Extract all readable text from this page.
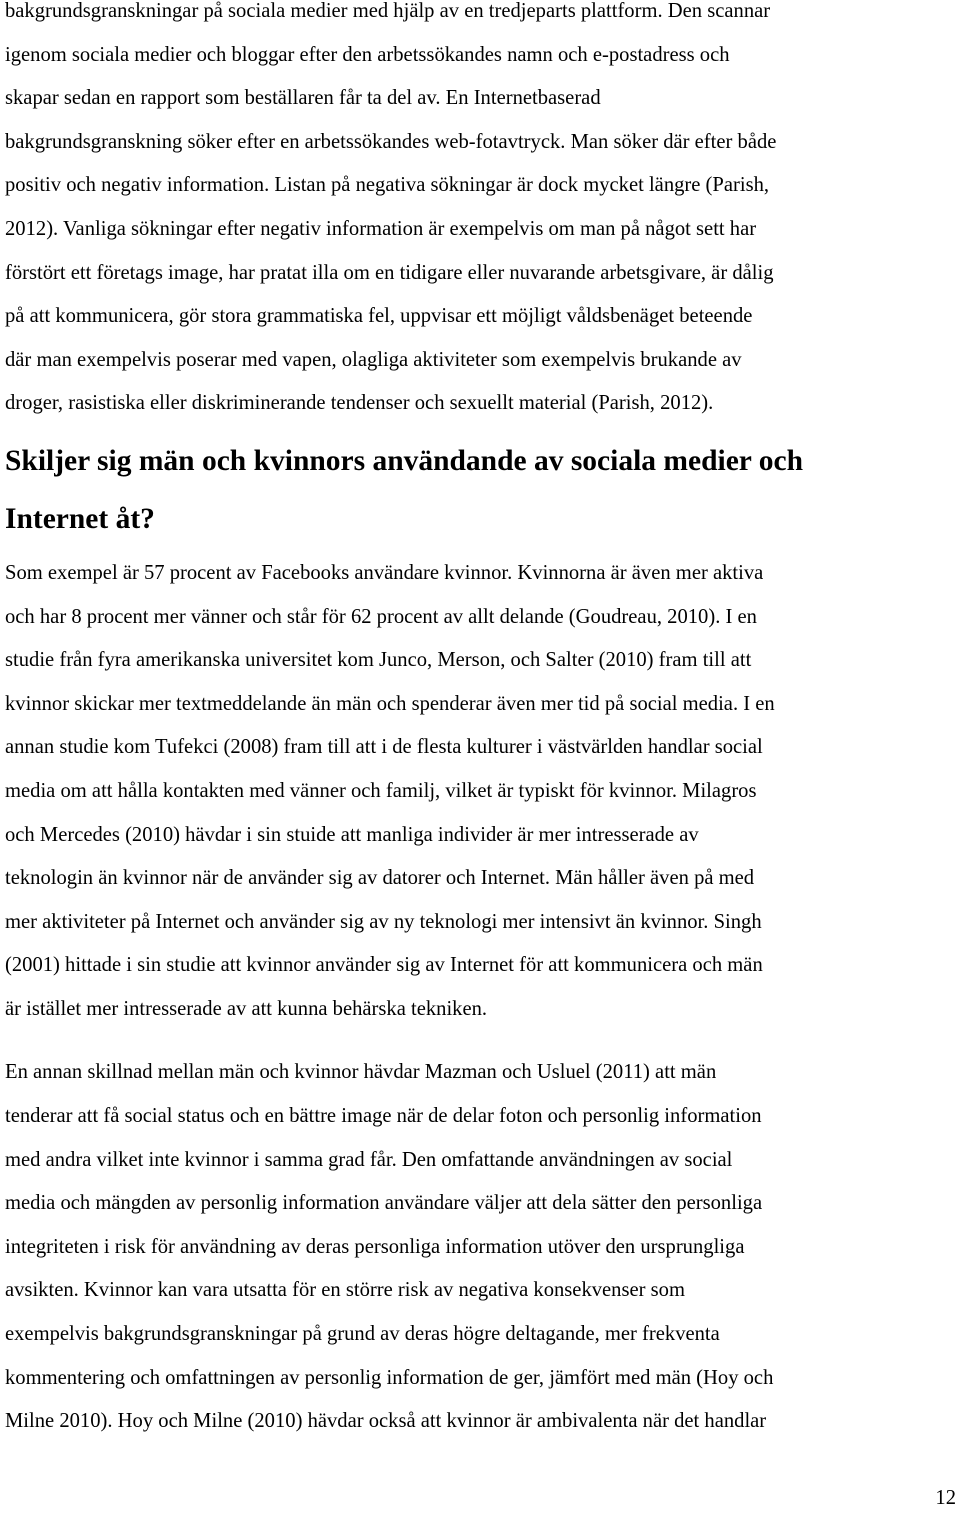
bakgrundsgranskningar på sociala medier med hjälp av en tredjeparts plattform. Den scannar
igenom sociala medier och bloggar efter den arbetssökandes namn och e-postadress och
skapar sedan en rapport som beställaren får ta del av. En Internetbaserad
bakgrundsgranskning söker efter en arbetssökandes web-fotavtryck. Man söker där efter både
positiv och negativ information. Listan på negativa sökningar är dock mycket längre (Parish,
2012). Vanliga sökningar efter negativ information är exempelvis om man på något sett har
förstört ett företags image, har pratat illa om en tidigare eller nuvarande arbetsgivare, är dålig
på att kommunicera, gör stora grammatiska fel, uppvisar ett möjligt våldsbenäget beteende
där man exempelvis poserar med vapen, olagliga aktiviteter som exempelvis brukande av
droger, rasistiska eller diskriminerande tendenser och sexuellt material (Parish, 2012).

Skiljer sig män och kvinnors användande av sociala medier och
Internet åt?

Som exempel är 57 procent av Facebooks användare kvinnor. Kvinnorna är även mer aktiva
och har 8 procent mer vänner och står för 62 procent av allt delande (Goudreau, 2010). I en
studie från fyra amerikanska universitet kom Junco, Merson, och Salter (2010) fram till att
kvinnor skickar mer textmeddelande än män och spenderar även mer tid på social media. I en
annan studie kom Tufekci (2008) fram till att i de flesta kulturer i västvärlden handlar social
media om att hålla kontakten med vänner och familj, vilket är typiskt för kvinnor. Milagros
och Mercedes (2010) hävdar i sin stuide att manliga individer är mer intresserade av
teknologin än kvinnor när de använder sig av datorer och Internet. Män håller även på med
mer aktiviteter på Internet och använder sig av ny teknologi mer intensivt än kvinnor. Singh
(2001) hittade i sin studie att kvinnor använder sig av Internet för att kommunicera och män
är istället mer intresserade av att kunna behärska tekniken.

En annan skillnad mellan män och kvinnor hävdar Mazman och Usluel (2011) att män
tenderar att få social status och en bättre image när de delar foton och personlig information
med andra vilket inte kvinnor i samma grad får. Den omfattande användningen av social
media och mängden av personlig information användare väljer att dela sätter den personliga
integriteten i risk för användning av deras personliga information utöver den ursprungliga
avsikten. Kvinnor kan vara utsatta för en större risk av negativa konsekvenser som
exempelvis bakgrundsgranskningar på grund av deras högre deltagande, mer frekventa
kommentering och omfattningen av personlig information de ger, jämfört med män (Hoy och
Milne 2010). Hoy och Milne (2010) hävdar också att kvinnor är ambivalenta när det handlar

12
